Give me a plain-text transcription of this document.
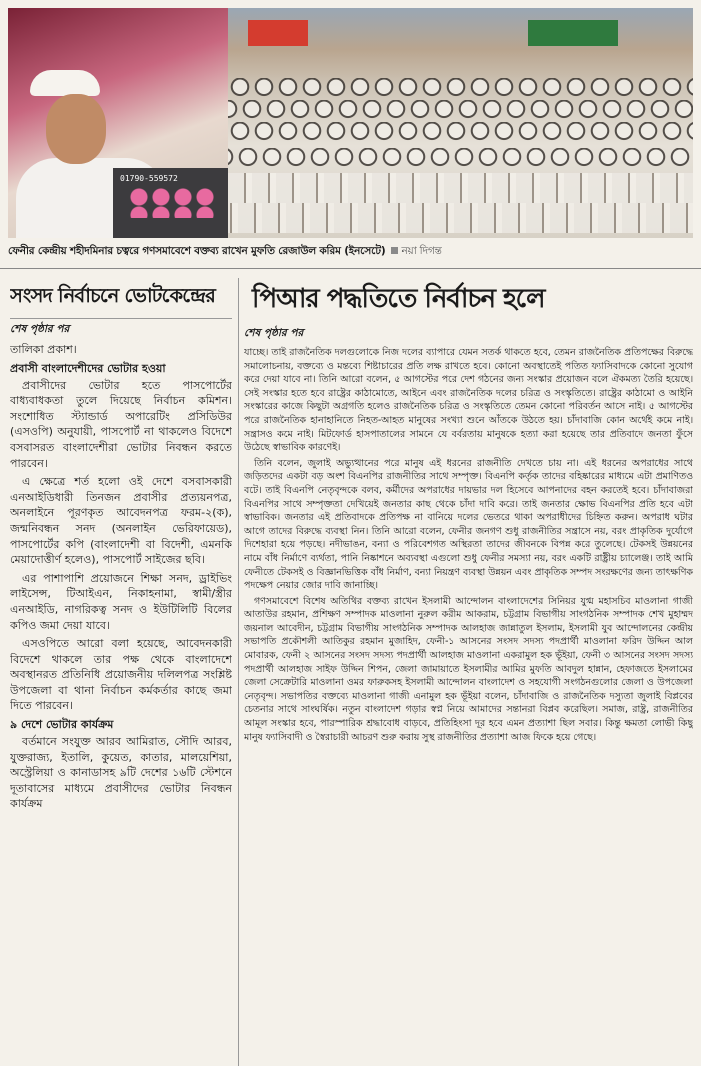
01790-559572
ফেনীর কেন্দ্রীয় শহীদমিনার চত্বরে গণসমাবেশে বক্তব্য রাখেন মুফতি রেজাউল করিম (ইনসেটে) নয়া দিগন্ত
সংসদ নির্বাচনে ভোটকেন্দ্রের
শেষ পৃষ্ঠার পর

তালিকা প্রকাশ।

প্রবাসী বাংলাদেশীদের ভোটার হওয়া

প্রবাসীদের ভোটার হতে পাসপোর্টের বাধ্যবাধকতা তুলে দিয়েছে নির্বাচন কমিশন। সংশোধিত স্ট্যান্ডার্ড অপারেটিং প্রসিডিউর (এসওপি) অনুযায়ী, পাসপোর্ট না থাকলেও বিদেশে বসবাসরত বাংলাদেশীরা ভোটার নিবন্ধন করতে পারবেন।

এ ক্ষেত্রে শর্ত হলো ওই দেশে বসবাসকারী এনআইডিধারী তিনজন প্রবাসীর প্রত্যয়নপত্র, অনলাইনে পূরণকৃত আবেদনপত্র ফরম-২(ক), জন্মনিবন্ধন সনদ (অনলাইন ভেরিফায়েড), পাসপোর্টের কপি (বাংলাদেশী বা বিদেশী, এমনকি মেয়াদোত্তীর্ণ হলেও), পাসপোর্ট সাইজের ছবি।

এর পাশাপাশি প্রয়োজনে শিক্ষা সনদ, ড্রাইভিং লাইসেন্স, টিআইএন, নিকাহনামা, স্বামী/স্ত্রীর এনআইডি, নাগরিকত্ব সনদ ও ইউটিলিটি বিলের কপিও জমা দেয়া যাবে।

এসওপিতে আরো বলা হয়েছে, আবেদনকারী বিদেশে থাকলে তার পক্ষ থেকে বাংলাদেশে অবস্থানরত প্রতিনিধি প্রয়োজনীয় দলিলপত্র সংশ্লিষ্ট উপজেলা বা থানা নির্বাচন কর্মকর্তার কাছে জমা দিতে পারবেন।

৯ দেশে ভোটার কার্যক্রম

বর্তমানে সংযুক্ত আরব আমিরাত, সৌদি আরব, যুক্তরাজ্য, ইতালি, কুয়েত, কাতার, মালয়েশিয়া, অস্ট্রেলিয়া ও কানাডাসহ ৯টি দেশের ১৬টি স্টেশনে দূতাবাসের মাধ্যমে প্রবাসীদের ভোটার নিবন্ধন কার্যক্রম

পিআর পদ্ধতিতে নির্বাচন হলে
শেষ পৃষ্ঠার পর

যাচ্ছে। তাই রাজনৈতিক দলগুলোকে নিজ দলের ব্যাপারে যেমন সতর্ক থাকতে হবে, তেমন রাজনৈতিক প্রতিপক্ষের বিরুদ্ধে সমালোচনায়, বক্তব্যে ও মন্তব্যে শিষ্টাচারের প্রতি লক্ষ রাখতে হবে। কোনো অবস্থাতেই পতিত ফ্যাসিবাদকে কোনো সুযোগ করে দেয়া যাবে না। তিনি আরো বলেন, ৫ আগস্টের পরে দেশ গঠনের জন্য সংস্কার প্রয়োজন বলে ঐকমত্য তৈরি হয়েছে। সেই সংস্কার হতে হবে রাষ্ট্রের কাঠামোতে, আইনে এবং রাজনৈতিক দলের চরিত্র ও সংস্কৃতিতে। রাষ্ট্রের কাঠামো ও আইনি সংস্কারের কাজে কিছুটা অগ্রগতি হলেও রাজনৈতিক চরিত্র ও সংস্কৃতিতে তেমন কোনো পরিবর্তন আসে নাই। ৫ আগস্টের পরে রাজনৈতিক হানাহানিতে নিহত-আহত মানুষের সংখ্যা শুনে আঁতকে উঠতে হয়। চাঁদাবাজি কোন অর্থেই কমে নাই। সন্ত্রাসও কমে নাই। মিটফোর্ড হাসপাতালের সামনে যে বর্বরতায় মানুষকে হত্যা করা হয়েছে তার প্রতিবাদে জনতা ফুঁসে উঠেছে স্বাভাবিক কারণেই।

তিনি বলেন, জুলাই অভ্যুত্থানের পরে মানুষ এই ধরনের রাজনীতি দেখতে চায় না। এই ধরনের অপরাধের সাথে জড়িতদের একটা বড় অংশ বিএনপির রাজনীতির সাথে সম্পৃক্ত। বিএনপি কর্তৃক তাদের বহিষ্কারের মাধ্যমে এটা প্রমাণিতও বটে। তাই বিএনপি নেতৃবৃন্দকে বলব, কর্মীদের অপরাধের দায়ভার দল হিসেবে আপনাদের বহন করতেই হবে। চাঁদাবাজরা বিএনপির সাথে সম্পৃক্ততা দেখিয়েই জনতার কাছ থেকে চাঁদা দাবি করে। তাই জনতার ক্ষোভ বিএনপির প্রতি হবে এটা স্বাভাবিক। জনতার এই প্রতিবাদকে প্রতিপক্ষ না বানিয়ে দলের ভেতরে থাকা অপরাধীদের চিহ্নিত করুন। অপরাধ ঘটার আগে তাদের বিরুদ্ধে ব্যবস্থা নিন। তিনি আরো বলেন, ফেনীর জনগণ শুধু রাজনীতির সন্ত্রাসে নয়, বরং প্রাকৃতিক দুর্যোগে দিশেহারা হয়ে পড়ছে। নদীভাঙন, বন্যা ও পরিবেশগত অস্থিরতা তাদের জীবনকে বিপন্ন করে তুলেছে। টেকসই উন্নয়নের নামে বাঁধ নির্মাণে ব্যর্থতা, পানি নিষ্কাশনে অব্যবস্থা এগুলো শুধু ফেনীর সমস্যা নয়, বরং একটি রাষ্ট্রীয় চ্যালেঞ্জ। তাই আমি ফেনীতে টেকসই ও বিজ্ঞানভিত্তিক বাঁধ নির্মাণ, বন্যা নিয়ন্ত্রণ ব্যবস্থা উন্নয়ন এবং প্রাকৃতিক সম্পদ সংরক্ষণের জন্য তাৎক্ষণিক পদক্ষেপ নেয়ার জোর দাবি জানাচ্ছি।

গণসমাবেশে বিশেষ অতিথির বক্তব্য রাখেন ইসলামী আন্দোলন বাংলাদেশের সিনিয়র যুগ্ম মহাসচিব মাওলানা গাজী আতাউর রহমান, প্রশিক্ষণ সম্পাদক মাওলানা নুরুল করীম আকরাম, চট্টগ্রাম বিভাগীয় সাংগঠনিক সম্পাদক শেখ মুহাম্মদ জয়নাল আবেদীন, চট্টগ্রাম বিভাগীয় সাংগঠনিক সম্পাদক আলহাজ জান্নাতুল ইসলাম, ইসলামী যুব আন্দোলনের কেন্দ্রীয় সভাপতি প্রকৌশলী আতিকুর রহমান মুজাহিদ, ফেনী-১ আসনের সংসদ সদস্য পদপ্রার্থী মাওলানা ফরিদ উদ্দিন আল মোবারক, ফেনী ২ আসনের সংসদ সদস্য পদপ্রার্থী আলহাজ মাওলানা একরামুল হক ভূঁইয়া, ফেনী ৩ আসনের সংসদ সদস্য পদপ্রার্থী আলহাজ সাইফ উদ্দিন শিপন, জেলা জামায়াতে ইসলামীর আমির মুফতি আবদুল হান্নান, হেফাজতে ইসলামের জেলা সেক্রেটারি মাওলানা ওমর ফারুকসহ ইসলামী আন্দোলন বাংলাদেশ ও সহযোগী সংগঠনগুলোর জেলা ও উপজেলা নেতৃবৃন্দ। সভাপতির বক্তব্যে মাওলানা গাজী এনামুল হক ভূঁইয়া বলেন, চাঁদাবাজি ও রাজনৈতিক দস্যুতা জুলাই বিপ্লবের চেতনার সাথে সাংঘর্ষিক। নতুন বাংলাদেশ গড়ার স্বপ্ন নিয়ে আমাদের সন্তানরা বিপ্লব করেছিল। সমাজ, রাষ্ট্র, রাজনীতির আমূল সংস্কার হবে, পারস্পারিক শ্রদ্ধাবোধ বাড়বে, প্রতিহিংসা দূর হবে এমন প্রত্যাশা ছিল সবার। কিন্তু ক্ষমতা লোভী কিছু মানুষ ফ্যাসিবাদী ও স্বৈরাচারী আচরণ শুরু করায় সুস্থ রাজনীতির প্রত্যাশা আজ ফিকে হয়ে গেছে।
